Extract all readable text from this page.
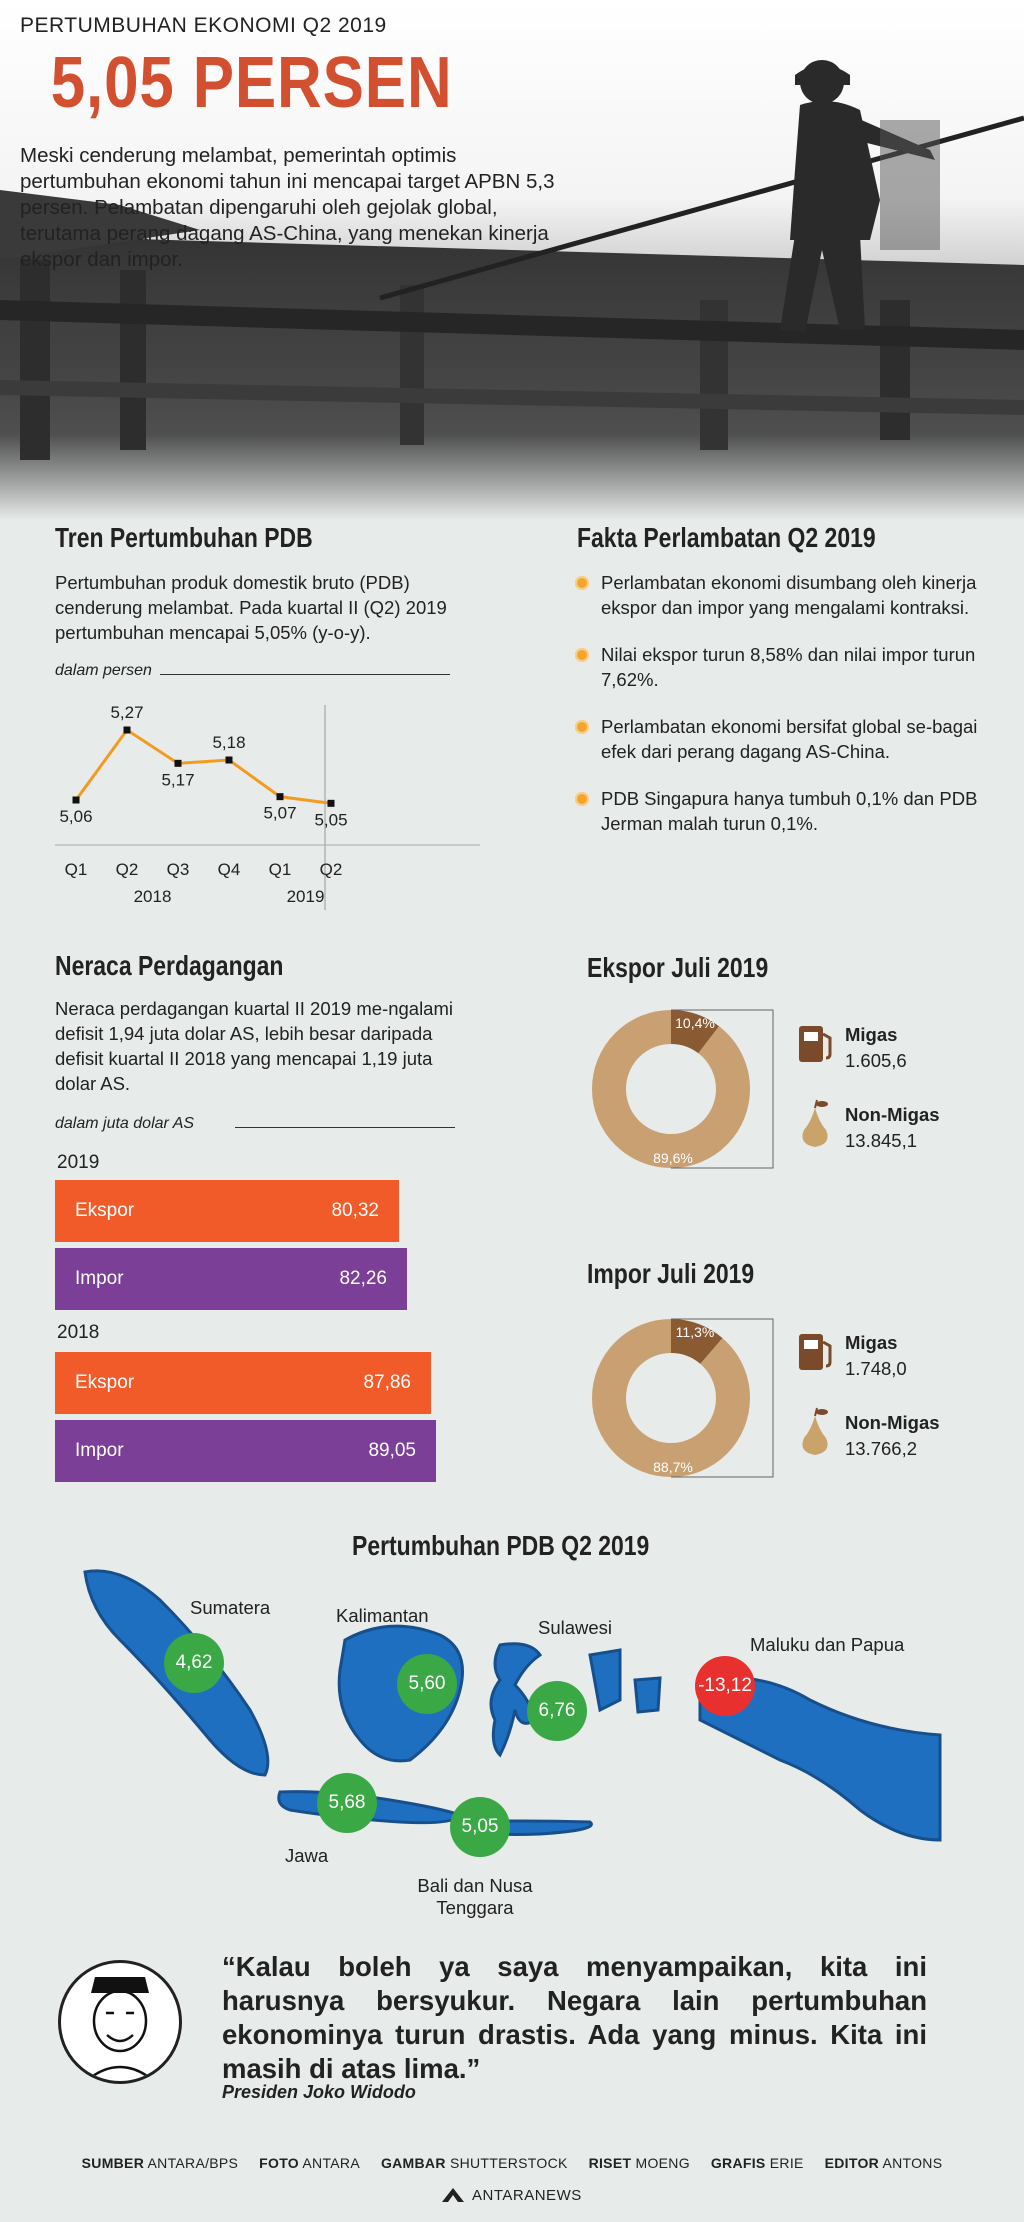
PERTUMBUHAN EKONOMI Q2 2019
5,05 PERSEN
Meski cenderung melambat, pemerintah optimis pertumbuhan ekonomi tahun ini mencapai target APBN 5,3 persen. Pelambatan dipengaruhi oleh gejolak global, terutama perang dagang AS-China, yang menekan kinerja ekspor dan impor.
Tren Pertumbuhan PDB
Pertumbuhan produk domestik bruto (PDB) cenderung melambat. Pada kuartal II (Q2) 2019 pertumbuhan mencapai 5,05% (y-o-y).
dalam persen
5,06
Q1
5,27
Q2
5,17
Q3
5,18
Q4
5,07
Q1
5,05
Q2
2018	2019
Fakta Perlambatan Q2 2019
Perlambatan ekonomi disumbang oleh kinerja ekspor dan impor yang mengalami kontraksi.
Nilai ekspor turun 8,58% dan nilai impor turun 7,62%.
Perlambatan ekonomi bersifat global se-bagai efek dari perang dagang AS-China.
PDB Singapura hanya tumbuh 0,1% dan PDB Jerman malah turun 0,1%.
Neraca Perdagangan
Neraca perdagangan kuartal II 2019 me-ngalami defisit 1,94 juta dolar AS, lebih besar daripada defisit kuartal II 2018 yang mencapai 1,19 juta dolar AS.
dalam juta dolar AS
2019
Ekspor	80,32
Impor	82,26
2018
Ekspor	87,86
Impor	89,05
Ekspor Juli 2019
10,4%
89,6%
Migas
1.605,6
Non-Migas
13.845,1
Impor Juli 2019
11,3%
88,7%
Migas
1.748,0
Non-Migas
13.766,2
Pertumbuhan PDB Q2 2019
Sumatera	Kalimantan
Sulawesi
Maluku dan Papua
Jawa
Bali dan Nusa Tenggara
4,62
5,60
6,76
-13,12
5,68
5,05
“Kalau boleh ya saya menyampaikan, kita ini harusnya bersyukur. Negara lain pertumbuhan ekonominya turun drastis. Ada yang minus. Kita ini masih di atas lima.”
Presiden Joko Widodo
SUMBER ANTARA/BPS FOTO ANTARA GAMBAR SHUTTERSTOCK RISET MOENG GRAFIS ERIE EDITOR ANTONS
ANTARANEWS
